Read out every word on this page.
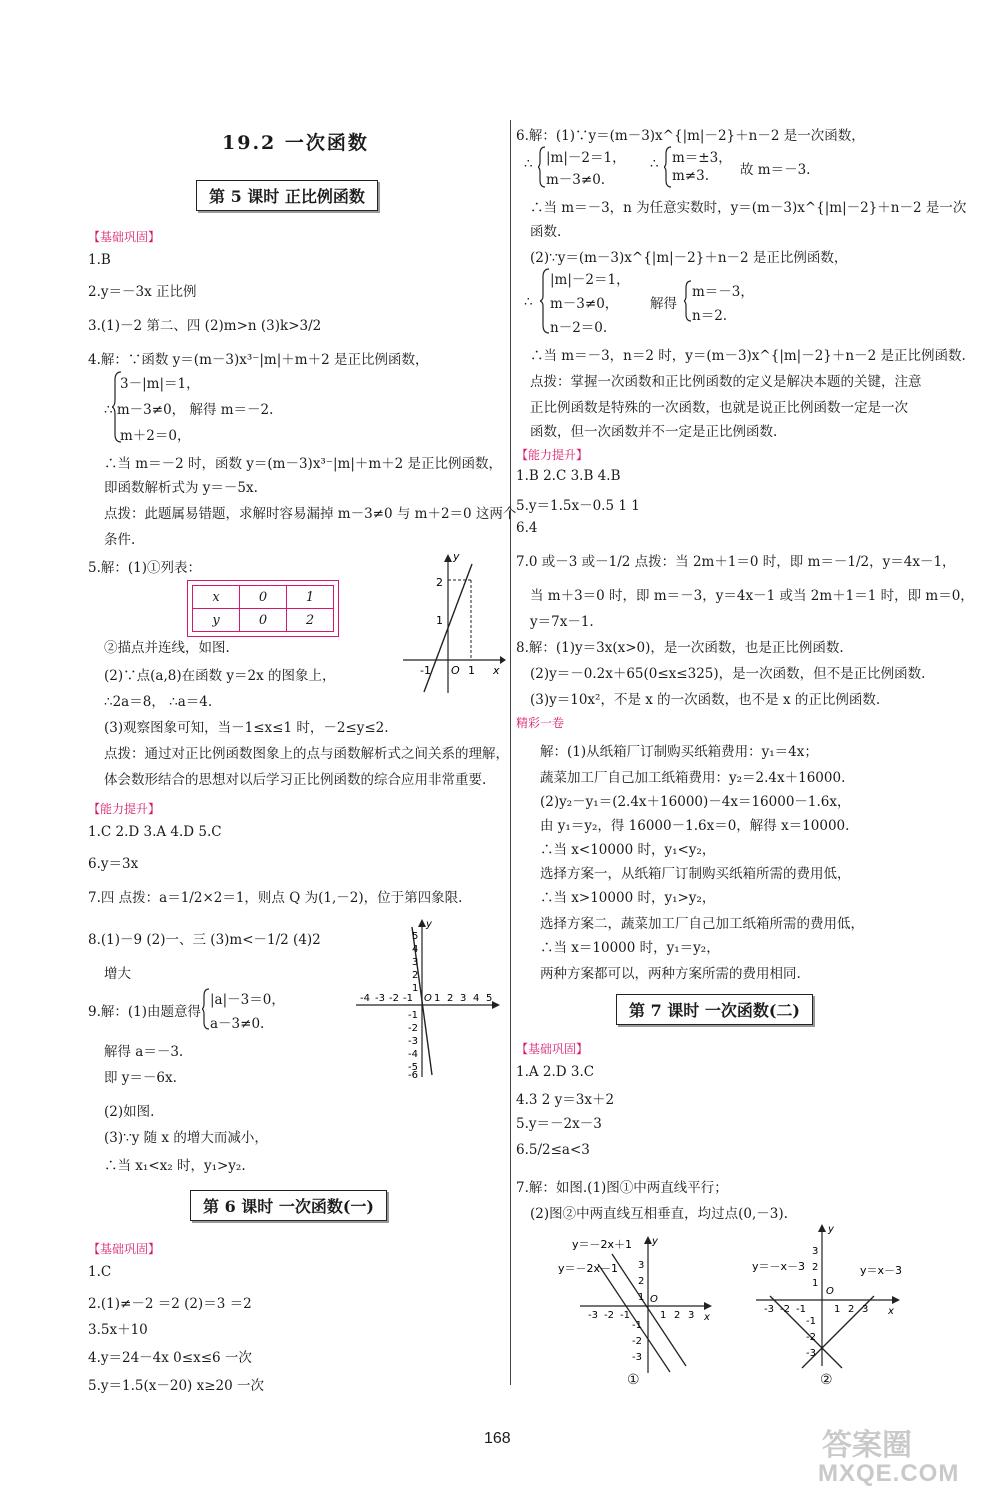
19.2 一次函数
第 5 课时 正比例函数
【 基础巩固 】
1.B
2.y＝－3x 正比例
3.(1)－2 第二、四 (2)m>n (3)k>3/2
4.解：∵函数 y＝(m－3)x³⁻|m|＋m＋2 是正比例函数，
3－|m|＝1，
∴ m－3≠0， 解得 m＝－2.
m＋2＝0，
∴当 m＝－2 时，函数 y＝(m－3)x³⁻|m|＋m＋2 是正比例函数，
即函数解析式为 y＝－5x.
点拨：此题属易错题，求解时容易漏掉 m－3≠0 与 m＋2＝0 这两个
条件.
5.解：(1)①列表：
x	0	1
y	0	2
②描点并连线，如图.
(2)∵点(a,8)在函数 y＝2x 的图象上，
∴2a＝8， ∴a＝4.
(3)观察图象可知，当－1≤x≤1 时，－2≤y≤2.
点拨：通过对正比例函数图象上的点与函数解析式之间关系的理解，
体会数形结合的思想对以后学习正比例函数的综合应用非常重要.
-1	1
1
2
O	x
y
【 能力提升 】
1.C 2.D 3.A 4.D 5.C
6.y＝3x
7.四 点拨：a＝1/2×2＝1，则点 Q 为(1,－2)，位于第四象限.
8.(1)－9 (2)一、三 (3)m<－1/2 (4)2
增大
9.解：(1)由题意得
|a|－3＝0，
a－3≠0.
解得 a＝－3.
即 y＝－6x.
(2)如图.
(3)∵y 随 x 的增大而减小，
∴当 x₁<x₂ 时，y₁>y₂.
-4 -3 -2 -1 1 2 3 4 5
5
4
3
2
1
-1
-2
-3
-4
-5
-6
O
y
第 6 课时 一次函数(一)
【 基础巩固 】
1.C
2.(1)≠－2 ＝2 (2)＝3 ＝2
3.5x＋10
4.y＝24－4x 0≤x≤6 一次
5.y＝1.5(x－20) x≥20 一次
6.解：(1)∵y＝(m－3)x^{|m|－2}＋n－2 是一次函数，
∴ |m|－2＝1，
m－3≠0.
∴ m＝±3，
m≠3. 故 m＝－3.
∴当 m＝－3，n 为任意实数时，y＝(m－3)x^{|m|－2}＋n－2 是一次
函数.
(2)∵y＝(m－3)x^{|m|－2}＋n－2 是正比例函数，
∴
|m|－2＝1，
m－3≠0，
n－2＝0.
解得
m＝－3，
n＝2.
∴当 m＝－3，n＝2 时，y＝(m－3)x^{|m|－2}＋n－2 是正比例函数.
点拨：掌握一次函数和正比例函数的定义是解决本题的关键，注意
正比例函数是特殊的一次函数，也就是说正比例函数一定是一次
函数，但一次函数并不一定是正比例函数.
【 能力提升 】
1.B 2.C 3.B 4.B
5.y＝1.5x－0.5 1 1
6.4
7.0 或－3 或－1/2 点拨：当 2m＋1＝0 时，即 m＝－1/2，y＝4x－1，
当 m＋3＝0 时，即 m＝－3，y＝4x－1 或当 2m＋1＝1 时，即 m＝0，
y＝7x－1.
8.解：(1)y＝3x(x>0)，是一次函数，也是正比例函数.
(2)y＝－0.2x＋65(0≤x≤325)，是一次函数，但不是正比例函数.
(3)y＝10x²，不是 x 的一次函数，也不是 x 的正比例函数.
精彩一卷
解：(1)从纸箱厂订制购买纸箱费用：y₁＝4x；
蔬菜加工厂自己加工纸箱费用：y₂＝2.4x＋16000.
(2)y₂－y₁＝(2.4x＋16000)－4x＝16000－1.6x，
由 y₁＝y₂，得 16000－1.6x＝0，解得 x＝10000.
∴当 x<10000 时，y₁<y₂，
选择方案一，从纸箱厂订制购买纸箱所需的费用低，
∴当 x>10000 时，y₁>y₂，
选择方案二，蔬菜加工厂自己加工纸箱所需的费用低，
∴当 x＝10000 时，y₁＝y₂，
两种方案都可以，两种方案所需的费用相同.
第 7 课时 一次函数(二)
【 基础巩固 】
1.A 2.D 3.C
4.3 2 y＝3x＋2
5.y＝－2x－3
6.5/2≤a<3
7.解：如图.(1)图①中两直线平行；
(2)图②中两直线互相垂直，均过点(0,－3).
y＝－2x＋1
y＝－2x－1
-3 -2 -1	1 2 3
3
2
1
-1
-2
-3
O
x
y
①
y＝－x－3	y＝x－3
-3 -2 -1	1 2 3
3
2
1
-1
-2
-3
O
x
y
②
168	答案圈
MXQE.COM
